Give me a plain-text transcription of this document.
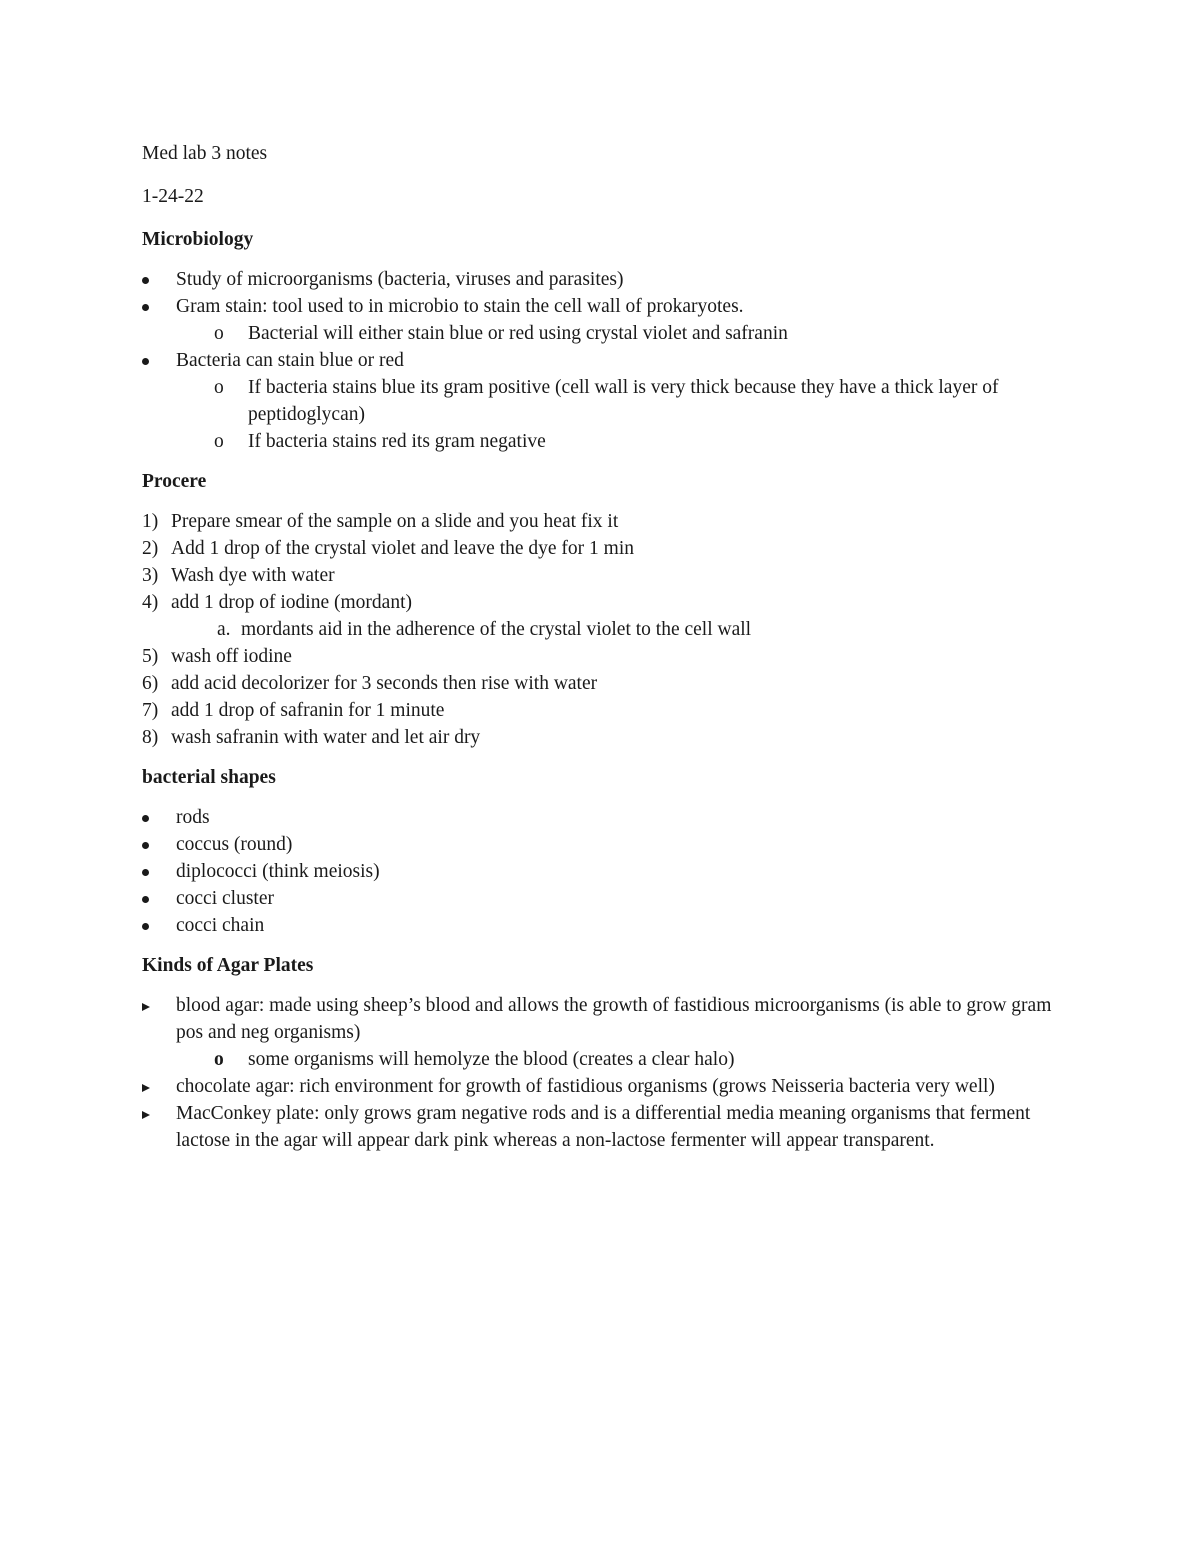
Med lab 3 notes

1-24-22

Microbiology

Study of microorganisms (bacteria, viruses and parasites)
Gram stain: tool used to in microbio to stain the cell wall of prokaryotes.
o Bacterial will either stain blue or red using crystal violet and safranin
Bacteria can stain blue or red
o If bacteria stains blue its gram positive (cell wall is very thick because they have a thick layer of peptidoglycan)
o If bacteria stains red its gram negative

Procere

1) Prepare smear of the sample on a slide and you heat fix it
2) Add 1 drop of the crystal violet and leave the dye for 1 min
3) Wash dye with water
4) add 1 drop of iodine (mordant)
a. mordants aid in the adherence of the crystal violet to the cell wall
5) wash off iodine
6) add acid decolorizer for 3 seconds then rise with water
7) add 1 drop of safranin for 1 minute
8) wash safranin with water and let air dry

bacterial shapes

rods
coccus (round)
diplococci (think meiosis)
cocci cluster
cocci chain

Kinds of Agar Plates

blood agar: made using sheep’s blood and allows the growth of fastidious microorganisms (is able to grow gram pos and neg organisms)
o some organisms will hemolyze the blood (creates a clear halo)
chocolate agar: rich environment for growth of fastidious organisms (grows Neisseria bacteria very well)
MacConkey plate: only grows gram negative rods and is a differential media meaning organisms that ferment lactose in the agar will appear dark pink whereas a non-lactose fermenter will appear transparent.
